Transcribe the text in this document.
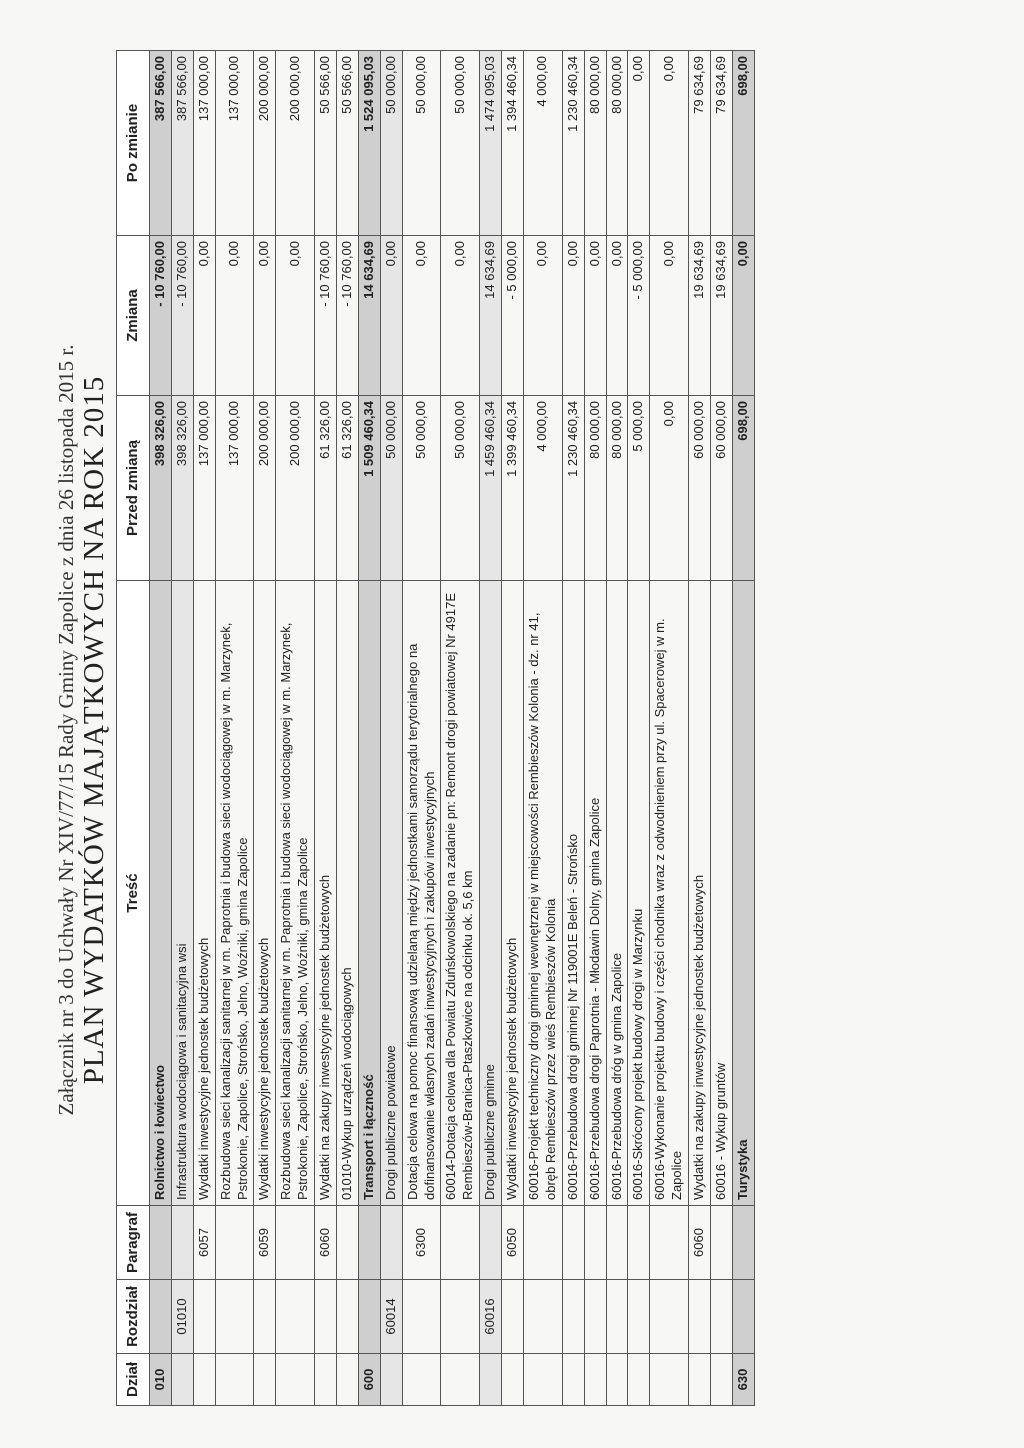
Załącznik nr 3 do Uchwały Nr XIV/77/15 Rady Gminy Zapolice z dnia 26 listopada 2015 r. PLAN WYDATKÓW MAJĄTKOWYCH NA ROK 2015
Dział	Rozdział	Paragraf	Treść	Przed zmianą	Zmiana	Po zmianie
010			Rolnictwo i łowiectwo	398 326,00	- 10 760,00	387 566,00
	01010		Infrastruktura wodociągowa i sanitacyjna wsi	398 326,00	- 10 760,00	387 566,00
		6057	Wydatki inwestycyjne jednostek budżetowych	137 000,00	0,00	137 000,00
			Rozbudowa sieci kanalizacji sanitarnej w m. Paprotnia i budowa sieci wodociągowej w m. Marzynek, Pstrokonie, Zapolice, Strońsko, Jelno, Woźniki, gmina Zapolice	137 000,00	0,00	137 000,00
		6059	Wydatki inwestycyjne jednostek budżetowych	200 000,00	0,00	200 000,00
			Rozbudowa sieci kanalizacji sanitarnej w m. Paprotnia i budowa sieci wodociągowej w m. Marzynek, Pstrokonie, Zapolice, Strońsko, Jelno, Woźniki, gmina Zapolice	200 000,00	0,00	200 000,00
		6060	Wydatki na zakupy inwestycyjne jednostek budżetowych	61 326,00	- 10 760,00	50 566,00
			01010-Wykup urządzeń wodociągowych	61 326,00	- 10 760,00	50 566,00
600			Transport i łączność	1 509 460,34	14 634,69	1 524 095,03
	60014		Drogi publiczne powiatowe	50 000,00	0,00	50 000,00
		6300	Dotacja celowa na pomoc finansową udzielaną między jednostkami samorządu terytorialnego na dofinansowanie własnych zadań inwestycyjnych i zakupów inwestycyjnych	50 000,00	0,00	50 000,00
			60014-Dotacja celowa dla Powiatu Zduńskowolskiego na zadanie pn: Remont drogi powiatowej Nr 4917E Rembieszów-Branica-Ptaszkowice na odcinku ok. 5,6 km	50 000,00	0,00	50 000,00
	60016		Drogi publiczne gminne	1 459 460,34	14 634,69	1 474 095,03
		6050	Wydatki inwestycyjne jednostek budżetowych	1 399 460,34	- 5 000,00	1 394 460,34
			60016-Projekt techniczny drogi gminnej wewnętrznej w miejscowości Rembieszów Kolonia - dz. nr 41, obręb Rembieszów przez wieś Rembieszów Kolonia	4 000,00	0,00	4 000,00
			60016-Przebudowa drogi gminnej Nr 119001E Beleń - Strońsko	1 230 460,34	0,00	1 230 460,34
			60016-Przebudowa drogi Paprotnia - Młodawin Dolny, gmina Zapolice	80 000,00	0,00	80 000,00
			60016-Przebudowa dróg w gmina Zapolice	80 000,00	0,00	80 000,00
			60016-Skrócony projekt budowy drogi w Marzynku	5 000,00	- 5 000,00	0,00
			60016-Wykonanie projektu budowy i części chodnika wraz z odwodnieniem przy ul. Spacerowej w m. Zapolice	0,00	0,00	0,00
		6060	Wydatki na zakupy inwestycyjne jednostek budżetowych	60 000,00	19 634,69	79 634,69
			60016 - Wykup gruntów	60 000,00	19 634,69	79 634,69
630			Turystyka	698,00	0,00	698,00
